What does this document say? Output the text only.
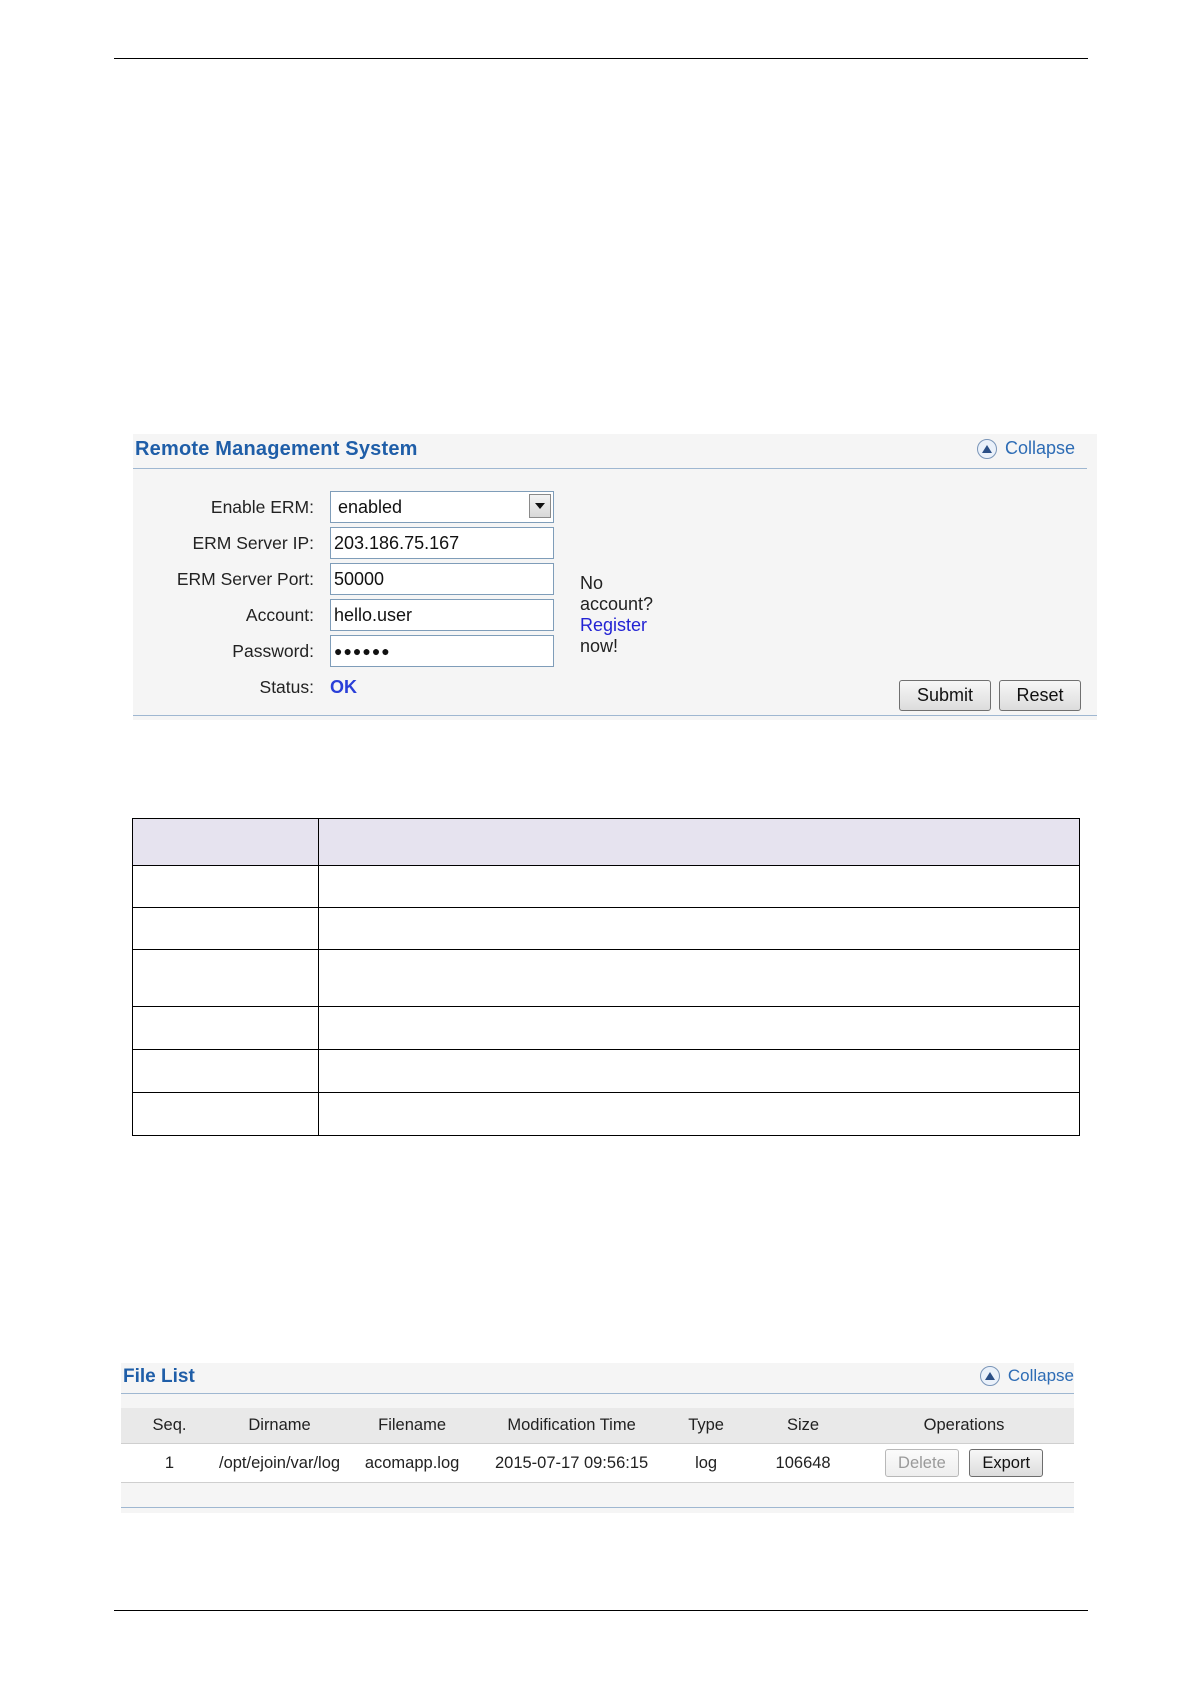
Remote Management System	Collapse
Enable ERM: enabled
ERM Server IP: 203.186.75.167
ERM Server Port: 50000
Account: hello.user
No account? Register now!
Password: ●●●●●●
Status: OK	Submit	Reset

File List	Collapse
Seq.	Dirname	Filename	Modification Time	Type	Size	Operations
1	/opt/ejoin/var/log	acomapp.log	2015-07-17 09:56:15	log	106648	Delete Export
